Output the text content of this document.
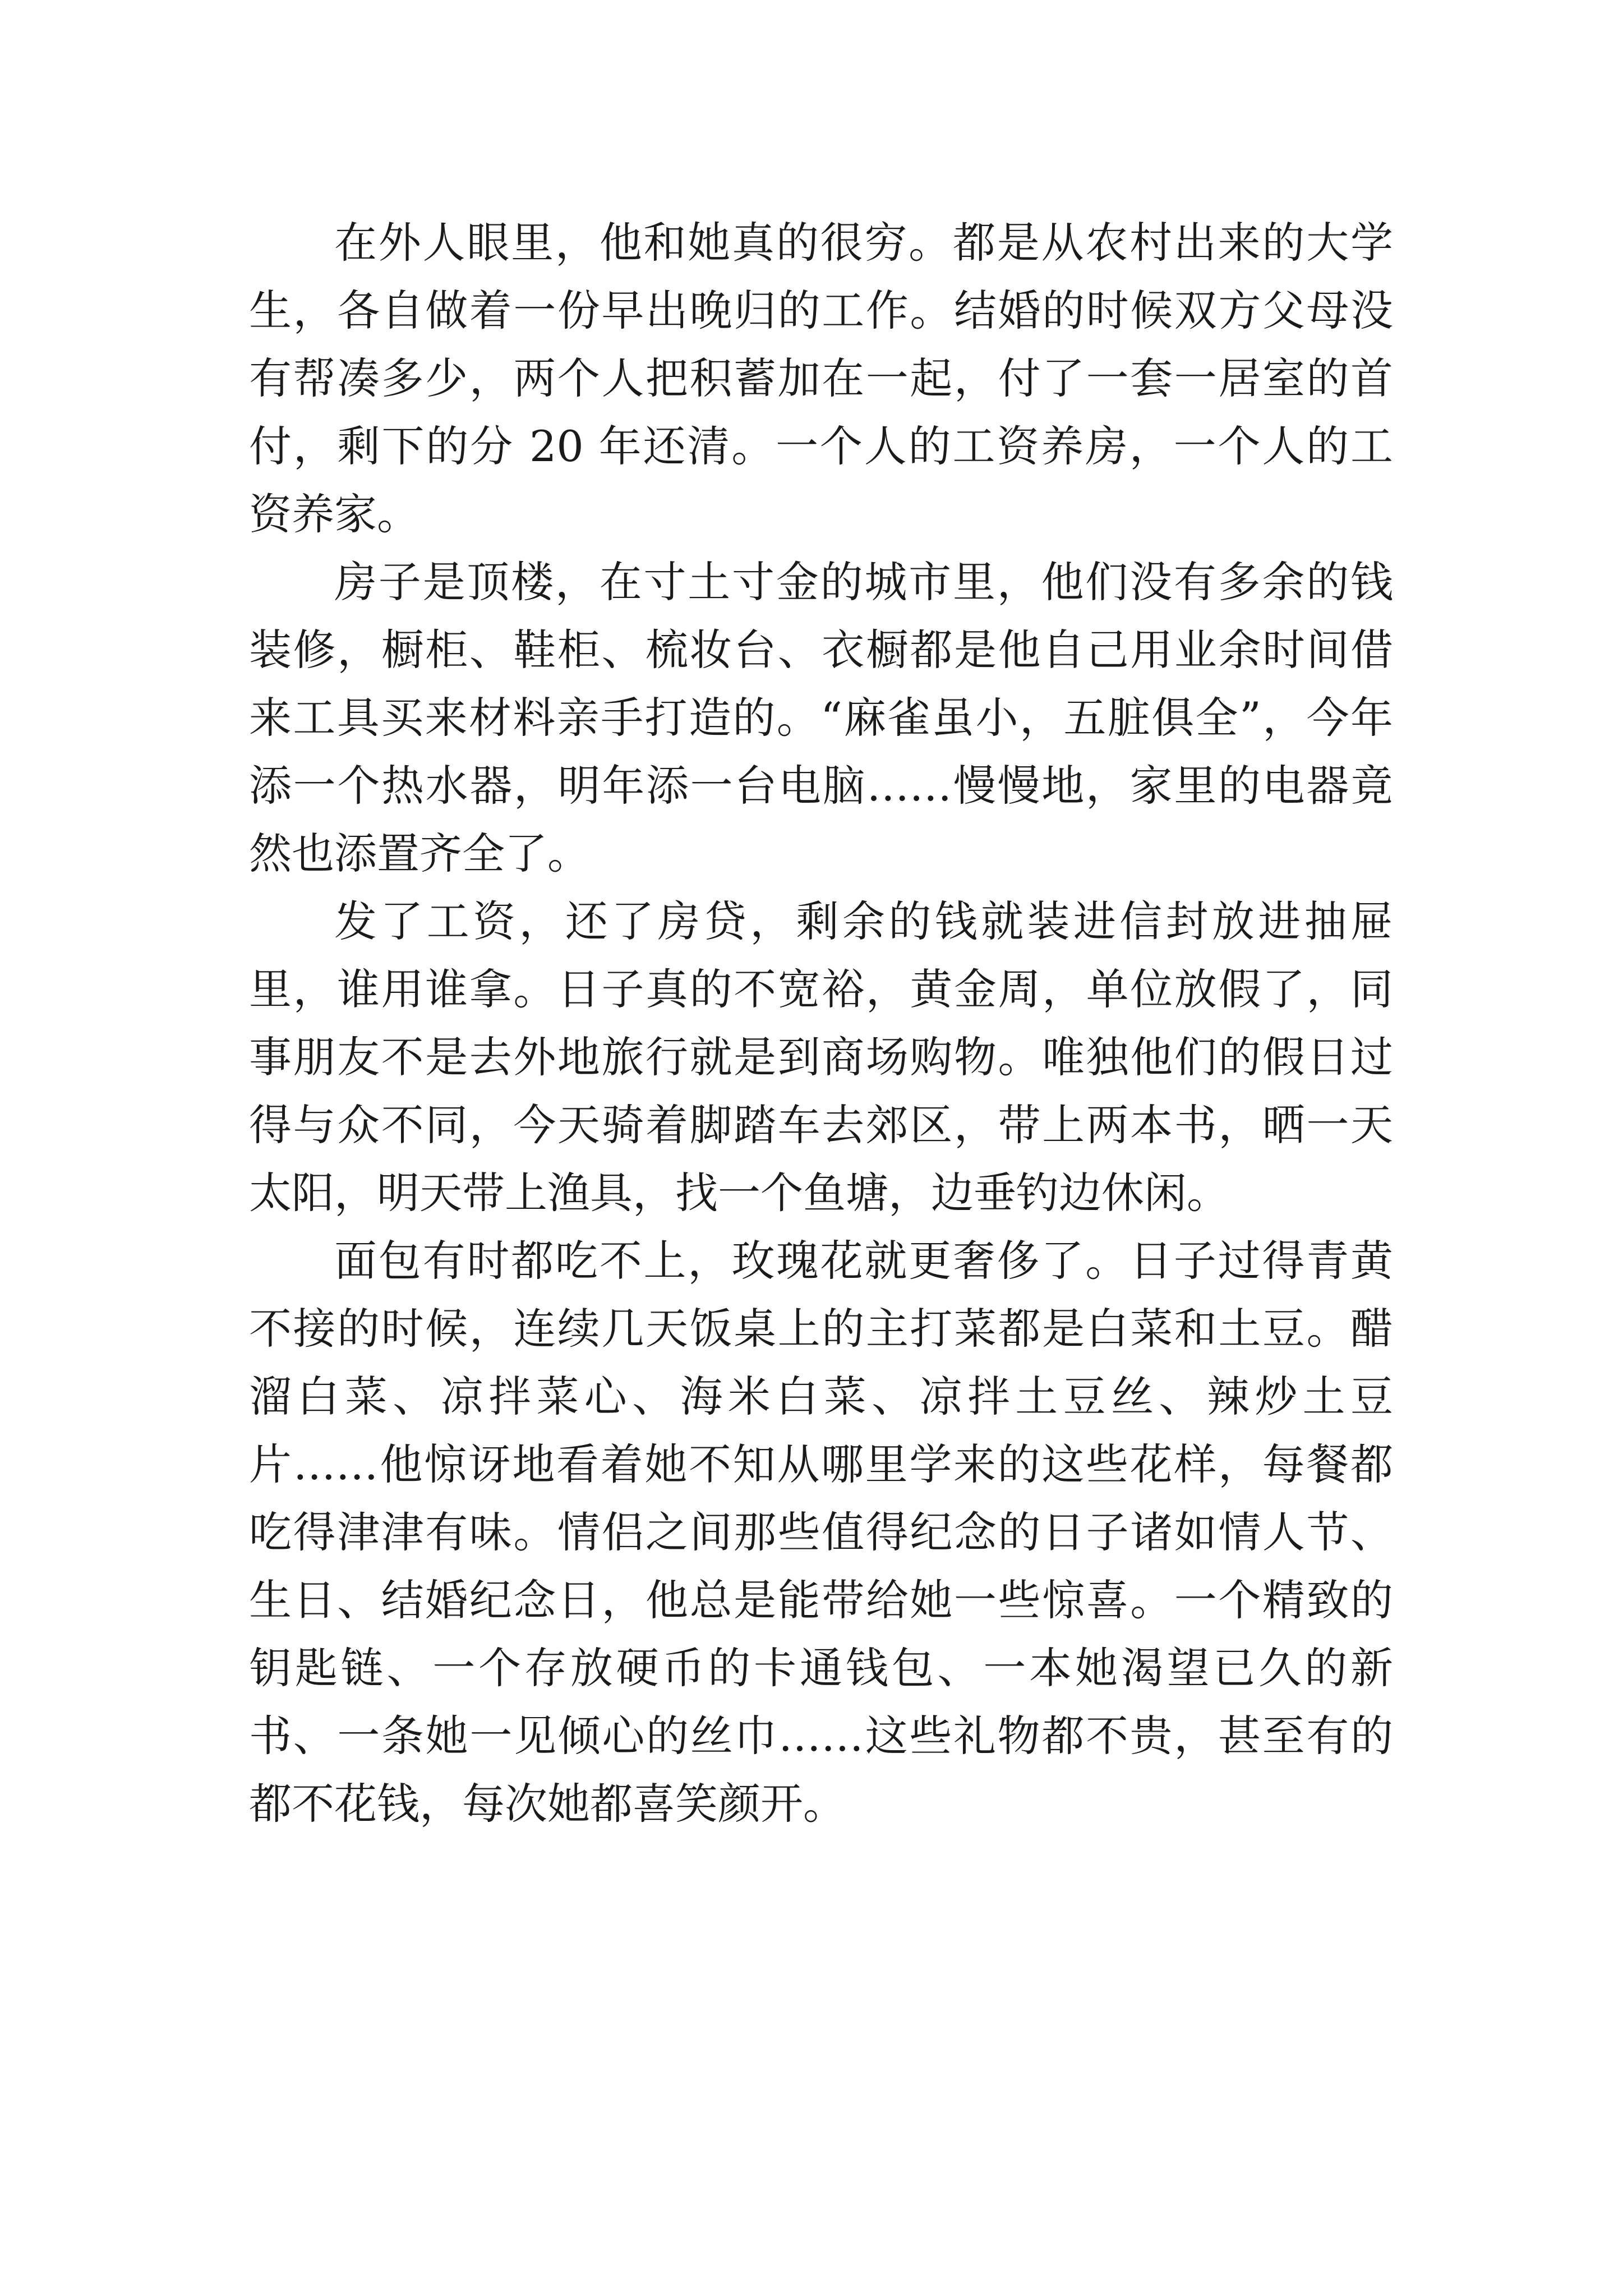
在外人眼里，他和她真的很穷。都是从农村出来的大学生，各自做着一份早出晚归的工作。结婚的时候双方父母没有帮凑多少，两个人把积蓄加在一起，付了一套一居室的首付，剩下的分 20 年还清。一个人的工资养房，一个人的工资养家。

房子是顶楼，在寸土寸金的城市里，他们没有多余的钱装修，橱柜、鞋柜、梳妆台、衣橱都是他自己用业余时间借来工具买来材料亲手打造的。“麻雀虽小，五脏俱全”，今年添一个热水器，明年添一台电脑……慢慢地，家里的电器竟然也添置齐全了。

发了工资，还了房贷，剩余的钱就装进信封放进抽屉里，谁用谁拿。日子真的不宽裕，黄金周，单位放假了，同事朋友不是去外地旅行就是到商场购物。唯独他们的假日过得与众不同，今天骑着脚踏车去郊区，带上两本书，晒一天太阳，明天带上渔具，找一个鱼塘，边垂钓边休闲。

面包有时都吃不上，玫瑰花就更奢侈了。日子过得青黄不接的时候，连续几天饭桌上的主打菜都是白菜和土豆。醋溜白菜、凉拌菜心、海米白菜、凉拌土豆丝、辣炒土豆片……他惊讶地看着她不知从哪里学来的这些花样，每餐都吃得津津有味。情侣之间那些值得纪念的日子诸如情人节、生日、结婚纪念日，他总是能带给她一些惊喜。一个精致的钥匙链、一个存放硬币的卡通钱包、一本她渴望已久的新书、一条她一见倾心的丝巾……这些礼物都不贵，甚至有的都不花钱，每次她都喜笑颜开。
